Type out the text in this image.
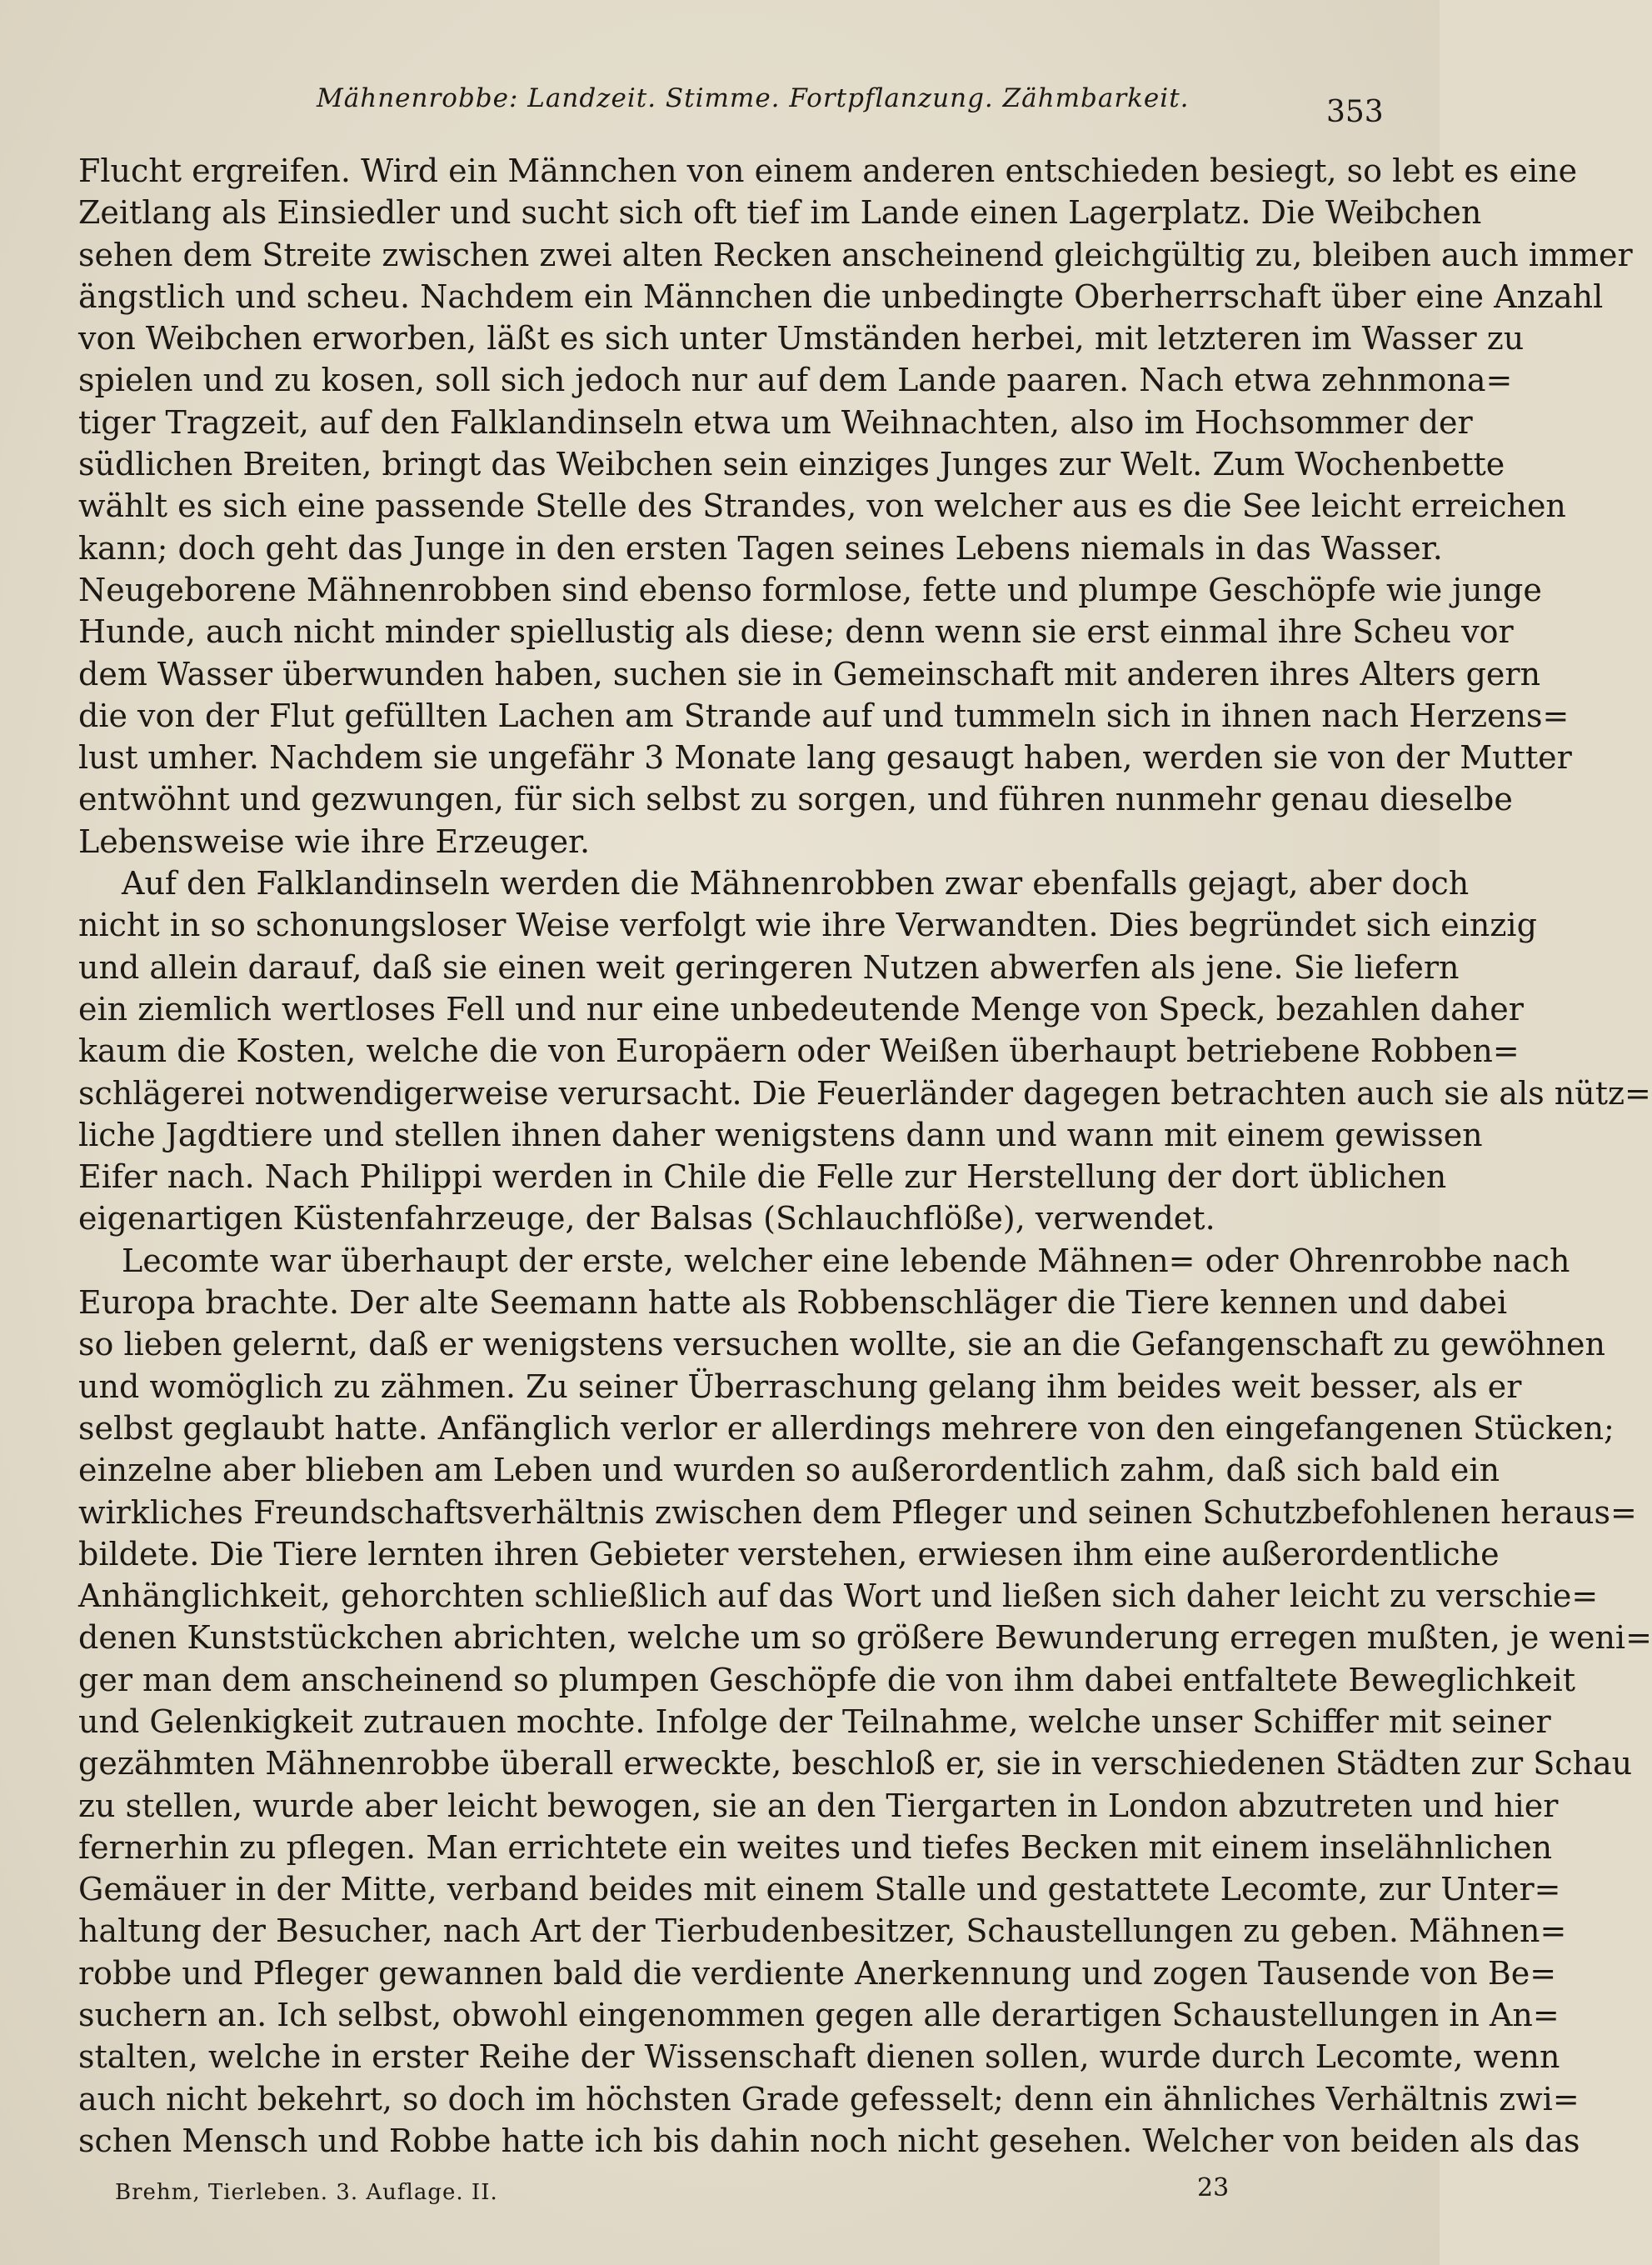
Mähnenrobbe: Landzeit. Stimme. Fortpflanzung. Zähmbarkeit.	353
Flucht ergreifen. Wird ein Männchen von einem anderen entschieden besiegt, so lebt es eine
Zeitlang als Einsiedler und sucht sich oft tief im Lande einen Lagerplatz. Die Weibchen
sehen dem Streite zwischen zwei alten Recken anscheinend gleichgültig zu, bleiben auch immer
ängstlich und scheu. Nachdem ein Männchen die unbedingte Oberherrschaft über eine Anzahl
von Weibchen erworben, läßt es sich unter Umständen herbei, mit letzteren im Wasser zu
spielen und zu kosen, soll sich jedoch nur auf dem Lande paaren. Nach etwa zehnmona=
tiger Tragzeit, auf den Falklandinseln etwa um Weihnachten, also im Hochsommer der
südlichen Breiten, bringt das Weibchen sein einziges Junges zur Welt. Zum Wochenbette
wählt es sich eine passende Stelle des Strandes, von welcher aus es die See leicht erreichen
kann; doch geht das Junge in den ersten Tagen seines Lebens niemals in das Wasser.
Neugeborene Mähnenrobben sind ebenso formlose, fette und plumpe Geschöpfe wie junge
Hunde, auch nicht minder spiellustig als diese; denn wenn sie erst einmal ihre Scheu vor
dem Wasser überwunden haben, suchen sie in Gemeinschaft mit anderen ihres Alters gern
die von der Flut gefüllten Lachen am Strande auf und tummeln sich in ihnen nach Herzens=
lust umher. Nachdem sie ungefähr 3 Monate lang gesaugt haben, werden sie von der Mutter
entwöhnt und gezwungen, für sich selbst zu sorgen, und führen nunmehr genau dieselbe
Lebensweise wie ihre Erzeuger.
Auf den Falklandinseln werden die Mähnenrobben zwar ebenfalls gejagt, aber doch
nicht in so schonungsloser Weise verfolgt wie ihre Verwandten. Dies begründet sich einzig
und allein darauf, daß sie einen weit geringeren Nutzen abwerfen als jene. Sie liefern
ein ziemlich wertloses Fell und nur eine unbedeutende Menge von Speck, bezahlen daher
kaum die Kosten, welche die von Europäern oder Weißen überhaupt betriebene Robben=
schlägerei notwendigerweise verursacht. Die Feuerländer dagegen betrachten auch sie als nütz=
liche Jagdtiere und stellen ihnen daher wenigstens dann und wann mit einem gewissen
Eifer nach. Nach Philippi werden in Chile die Felle zur Herstellung der dort üblichen
eigenartigen Küstenfahrzeuge, der Balsas (Schlauchflöße), verwendet.
Lecomte war überhaupt der erste, welcher eine lebende Mähnen= oder Ohrenrobbe nach
Europa brachte. Der alte Seemann hatte als Robbenschläger die Tiere kennen und dabei
so lieben gelernt, daß er wenigstens versuchen wollte, sie an die Gefangenschaft zu gewöhnen
und womöglich zu zähmen. Zu seiner Überraschung gelang ihm beides weit besser, als er
selbst geglaubt hatte. Anfänglich verlor er allerdings mehrere von den eingefangenen Stücken;
einzelne aber blieben am Leben und wurden so außerordentlich zahm, daß sich bald ein
wirkliches Freundschaftsverhältnis zwischen dem Pfleger und seinen Schutzbefohlenen heraus=
bildete. Die Tiere lernten ihren Gebieter verstehen, erwiesen ihm eine außerordentliche
Anhänglichkeit, gehorchten schließlich auf das Wort und ließen sich daher leicht zu verschie=
denen Kunststückchen abrichten, welche um so größere Bewunderung erregen mußten, je weni=
ger man dem anscheinend so plumpen Geschöpfe die von ihm dabei entfaltete Beweglichkeit
und Gelenkigkeit zutrauen mochte. Infolge der Teilnahme, welche unser Schiffer mit seiner
gezähmten Mähnenrobbe überall erweckte, beschloß er, sie in verschiedenen Städten zur Schau
zu stellen, wurde aber leicht bewogen, sie an den Tiergarten in London abzutreten und hier
fernerhin zu pflegen. Man errichtete ein weites und tiefes Becken mit einem inselähnlichen
Gemäuer in der Mitte, verband beides mit einem Stalle und gestattete Lecomte, zur Unter=
haltung der Besucher, nach Art der Tierbudenbesitzer, Schaustellungen zu geben. Mähnen=
robbe und Pfleger gewannen bald die verdiente Anerkennung und zogen Tausende von Be=
suchern an. Ich selbst, obwohl eingenommen gegen alle derartigen Schaustellungen in An=
stalten, welche in erster Reihe der Wissenschaft dienen sollen, wurde durch Lecomte, wenn
auch nicht bekehrt, so doch im höchsten Grade gefesselt; denn ein ähnliches Verhältnis zwi=
schen Mensch und Robbe hatte ich bis dahin noch nicht gesehen. Welcher von beiden als das
Brehm, Tierleben. 3. Auflage. II.	23
